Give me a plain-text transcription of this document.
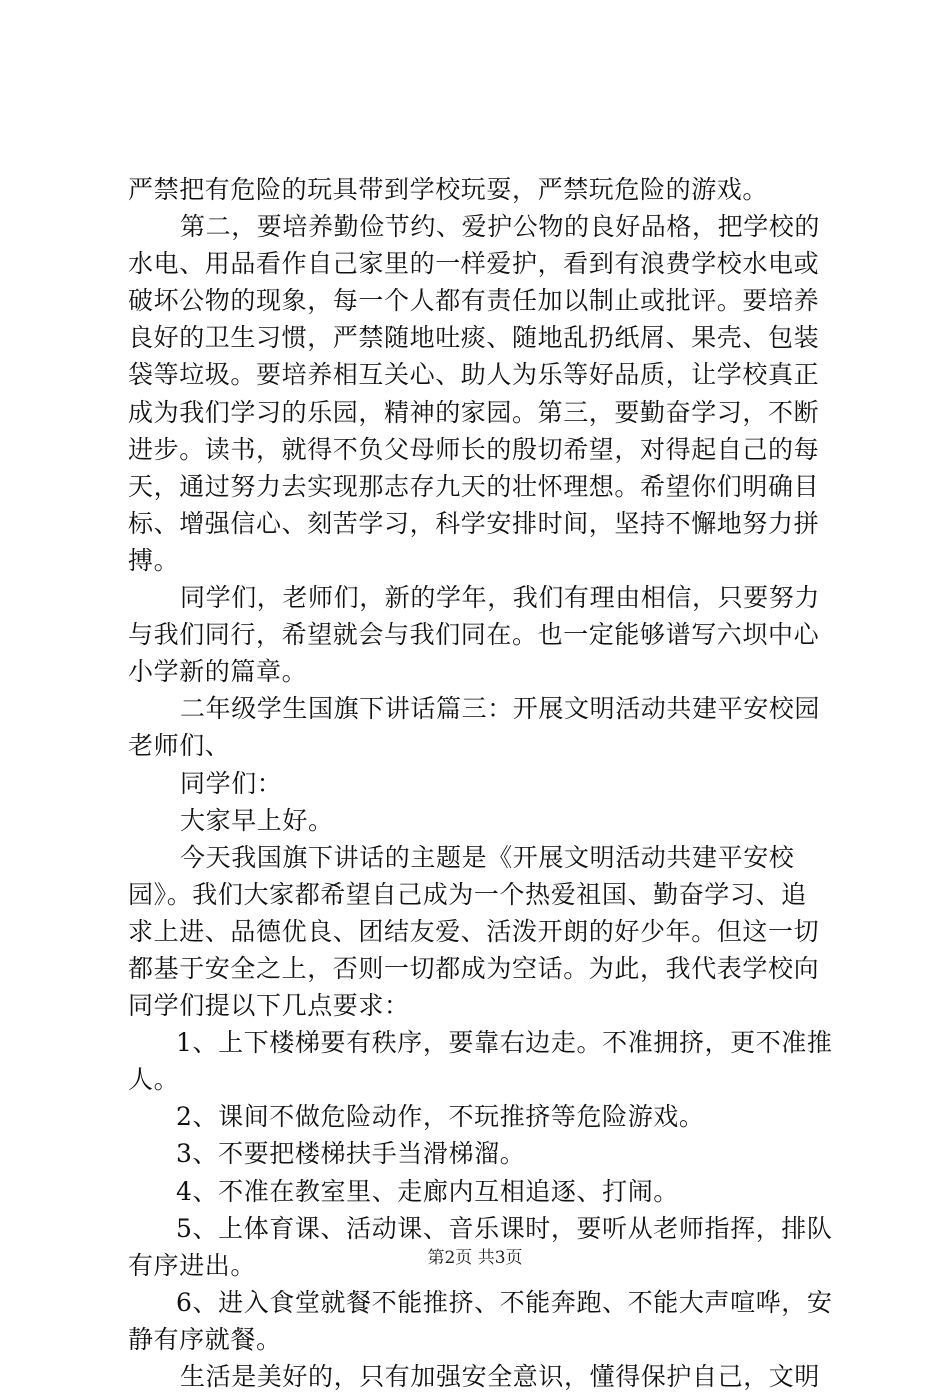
严禁把有危险的玩具带到学校玩耍，严禁玩危险的游戏。
第二，要培养勤俭节约、爱护公物的良好品格，把学校的
水电、用品看作自己家里的一样爱护，看到有浪费学校水电或
破坏公物的现象，每一个人都有责任加以制止或批评。要培养
良好的卫生习惯，严禁随地吐痰、随地乱扔纸屑、果壳、包装
袋等垃圾。要培养相互关心、助人为乐等好品质，让学校真正
成为我们学习的乐园，精神的家园。第三，要勤奋学习，不断
进步。读书，就得不负父母师长的殷切希望，对得起自己的每
天，通过努力去实现那志存九天的壮怀理想。希望你们明确目
标、增强信心、刻苦学习，科学安排时间，坚持不懈地努力拼
搏。
同学们，老师们，新的学年，我们有理由相信，只要努力
与我们同行，希望就会与我们同在。也一定能够谱写六坝中心
小学新的篇章。
二年级学生国旗下讲话篇三：开展文明活动共建平安校园
老师们、
同学们：
大家早上好。
今天我国旗下讲话的主题是《开展文明活动共建平安校
园》。我们大家都希望自己成为一个热爱祖国、勤奋学习、追
求上进、品德优良、团结友爱、活泼开朗的好少年。但这一切
都基于安全之上，否则一切都成为空话。为此，我代表学校向
同学们提以下几点要求：
1、上下楼梯要有秩序，要靠右边走。不准拥挤，更不准推
人。
2、课间不做危险动作，不玩推挤等危险游戏。
3、不要把楼梯扶手当滑梯溜。
4、不准在教室里、走廊内互相追逐、打闹。
5、上体育课、活动课、音乐课时，要听从老师指挥，排队
有序进出。
6、进入食堂就餐不能推挤、不能奔跑、不能大声喧哗，安
静有序就餐。
生活是美好的，只有加强安全意识，懂得保护自己，文明
第2页 共3页
